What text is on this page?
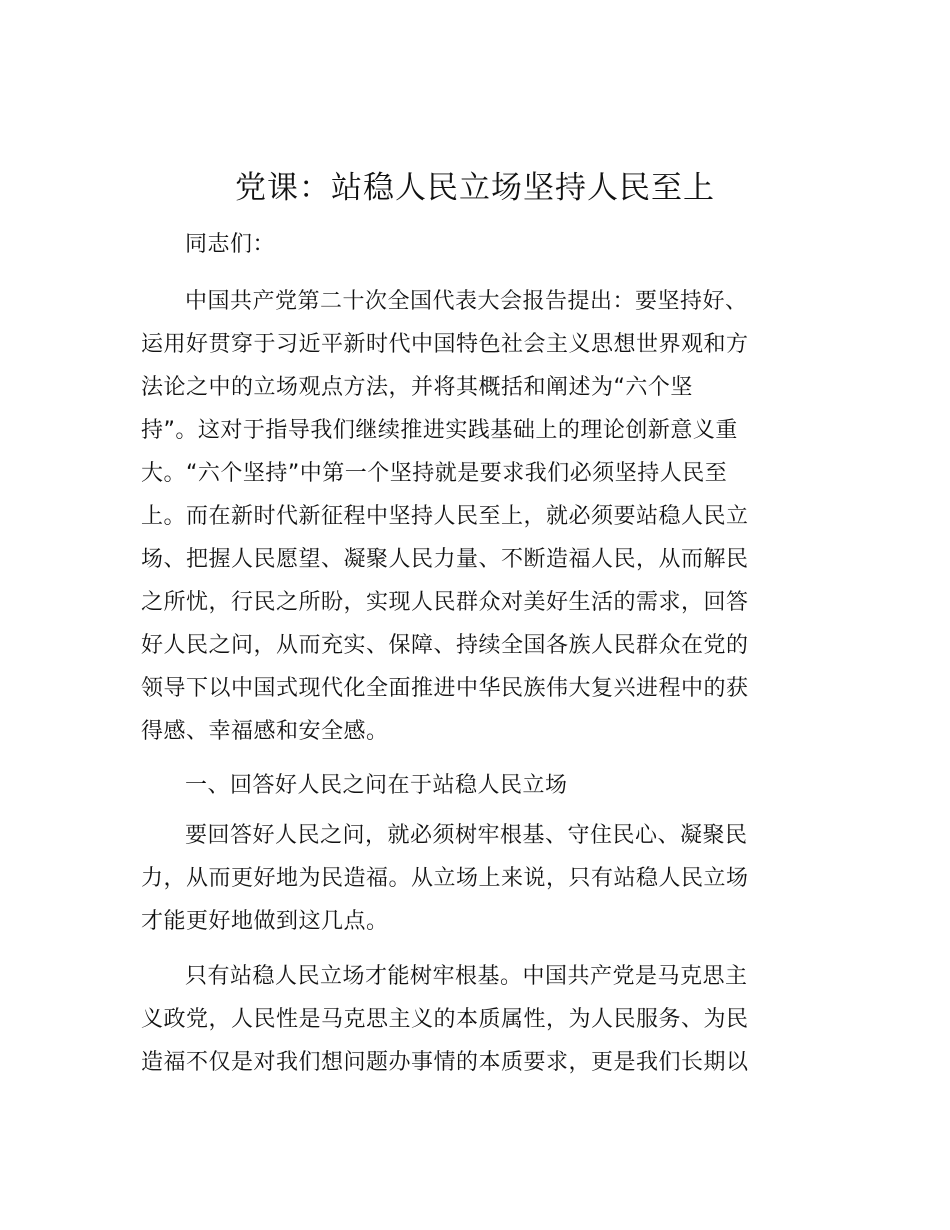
党课：站稳人民立场坚持人民至上

同志们：

中国共产党第二十次全国代表大会报告提出：要坚持好、
运用好贯穿于习近平新时代中国特色社会主义思想世界观和方
法论之中的立场观点方法，并将其概括和阐述为“六个坚
持”。这对于指导我们继续推进实践基础上的理论创新意义重
大。“六个坚持”中第一个坚持就是要求我们必须坚持人民至
上。而在新时代新征程中坚持人民至上，就必须要站稳人民立
场、把握人民愿望、凝聚人民力量、不断造福人民，从而解民
之所忧，行民之所盼，实现人民群众对美好生活的需求，回答
好人民之问，从而充实、保障、持续全国各族人民群众在党的
领导下以中国式现代化全面推进中华民族伟大复兴进程中的获
得感、幸福感和安全感。

一、回答好人民之问在于站稳人民立场

要回答好人民之问，就必须树牢根基、守住民心、凝聚民
力，从而更好地为民造福。从立场上来说，只有站稳人民立场
才能更好地做到这几点。
只有站稳人民立场才能树牢根基。中国共产党是马克思主
义政党，人民性是马克思主义的本质属性，为人民服务、为民
造福不仅是对我们想问题办事情的本质要求，更是我们长期以
